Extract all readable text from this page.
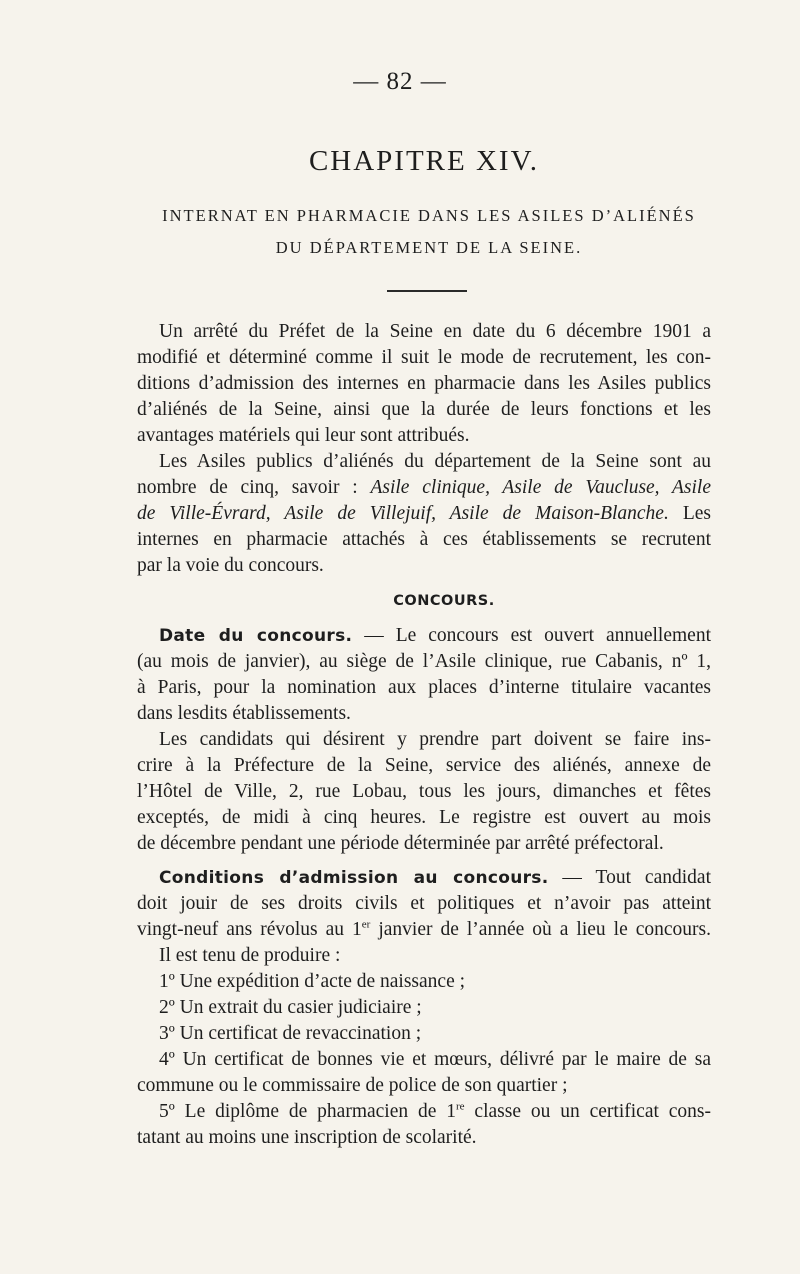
— 82 —
CHAPITRE XIV.
INTERNAT EN PHARMACIE DANS LES ASILES D’ALIÉNÉS
DU DÉPARTEMENT DE LA SEINE.
Un arrêté du Préfet de la Seine en date du 6 décembre 1901 a
modifié et déterminé comme il suit le mode de recrutement, les con-
ditions d’admission des internes en pharmacie dans les Asiles publics
d’aliénés de la Seine, ainsi que la durée de leurs fonctions et les
avantages matériels qui leur sont attribués.
Les Asiles publics d’aliénés du département de la Seine sont au
nombre de cinq, savoir : Asile clinique, Asile de Vaucluse, Asile
de Ville-Évrard, Asile de Villejuif, Asile de Maison-Blanche. Les
internes en pharmacie attachés à ces établissements se recrutent
par la voie du concours.
CONCOURS.
Date du concours. — Le concours est ouvert annuellement
(au mois de janvier), au siège de l’Asile clinique, rue Cabanis, nº 1,
à Paris, pour la nomination aux places d’interne titulaire vacantes
dans lesdits établissements.
Les candidats qui désirent y prendre part doivent se faire ins-
crire à la Préfecture de la Seine, service des aliénés, annexe de
l’Hôtel de Ville, 2, rue Lobau, tous les jours, dimanches et fêtes
exceptés, de midi à cinq heures. Le registre est ouvert au mois
de décembre pendant une période déterminée par arrêté préfectoral.
Conditions d’admission au concours. — Tout candidat
doit jouir de ses droits civils et politiques et n’avoir pas atteint
vingt-neuf ans révolus au 1er janvier de l’année où a lieu le concours.
Il est tenu de produire :
1º Une expédition d’acte de naissance ;
2º Un extrait du casier judiciaire ;
3º Un certificat de revaccination ;
4º Un certificat de bonnes vie et mœurs, délivré par le maire de sa
commune ou le commissaire de police de son quartier ;
5º Le diplôme de pharmacien de 1re classe ou un certificat cons-
tatant au moins une inscription de scolarité.
